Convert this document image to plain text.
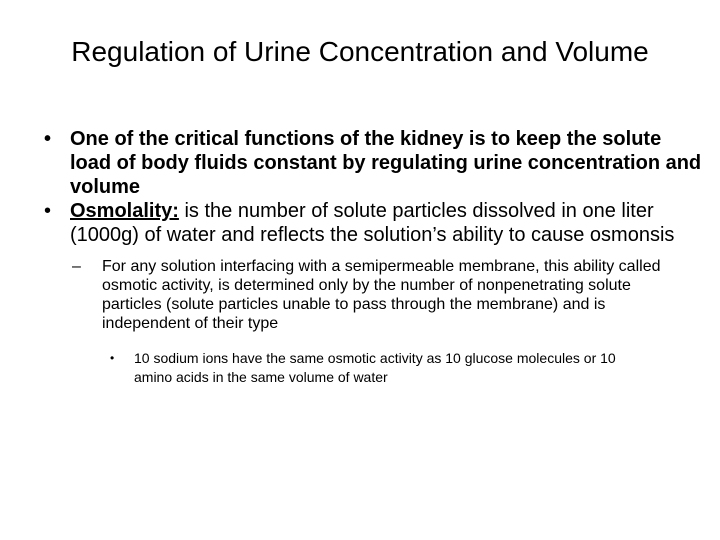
Regulation of Urine Concentration and Volume

• One of the critical functions of the kidney is to keep the solute load of body fluids constant by regulating urine concentration and volume

• Osmolality: is the number of solute particles dissolved in one liter (1000g) of water and reflects the solution’s ability to cause osmonsis

– For any solution interfacing with a semipermeable membrane, this ability called osmotic activity, is determined only by the number of nonpenetrating solute particles (solute particles unable to pass through the membrane) and is independent of their type

• 10 sodium ions have the same osmotic activity as 10 glucose molecules or 10 amino acids in the same volume of water
